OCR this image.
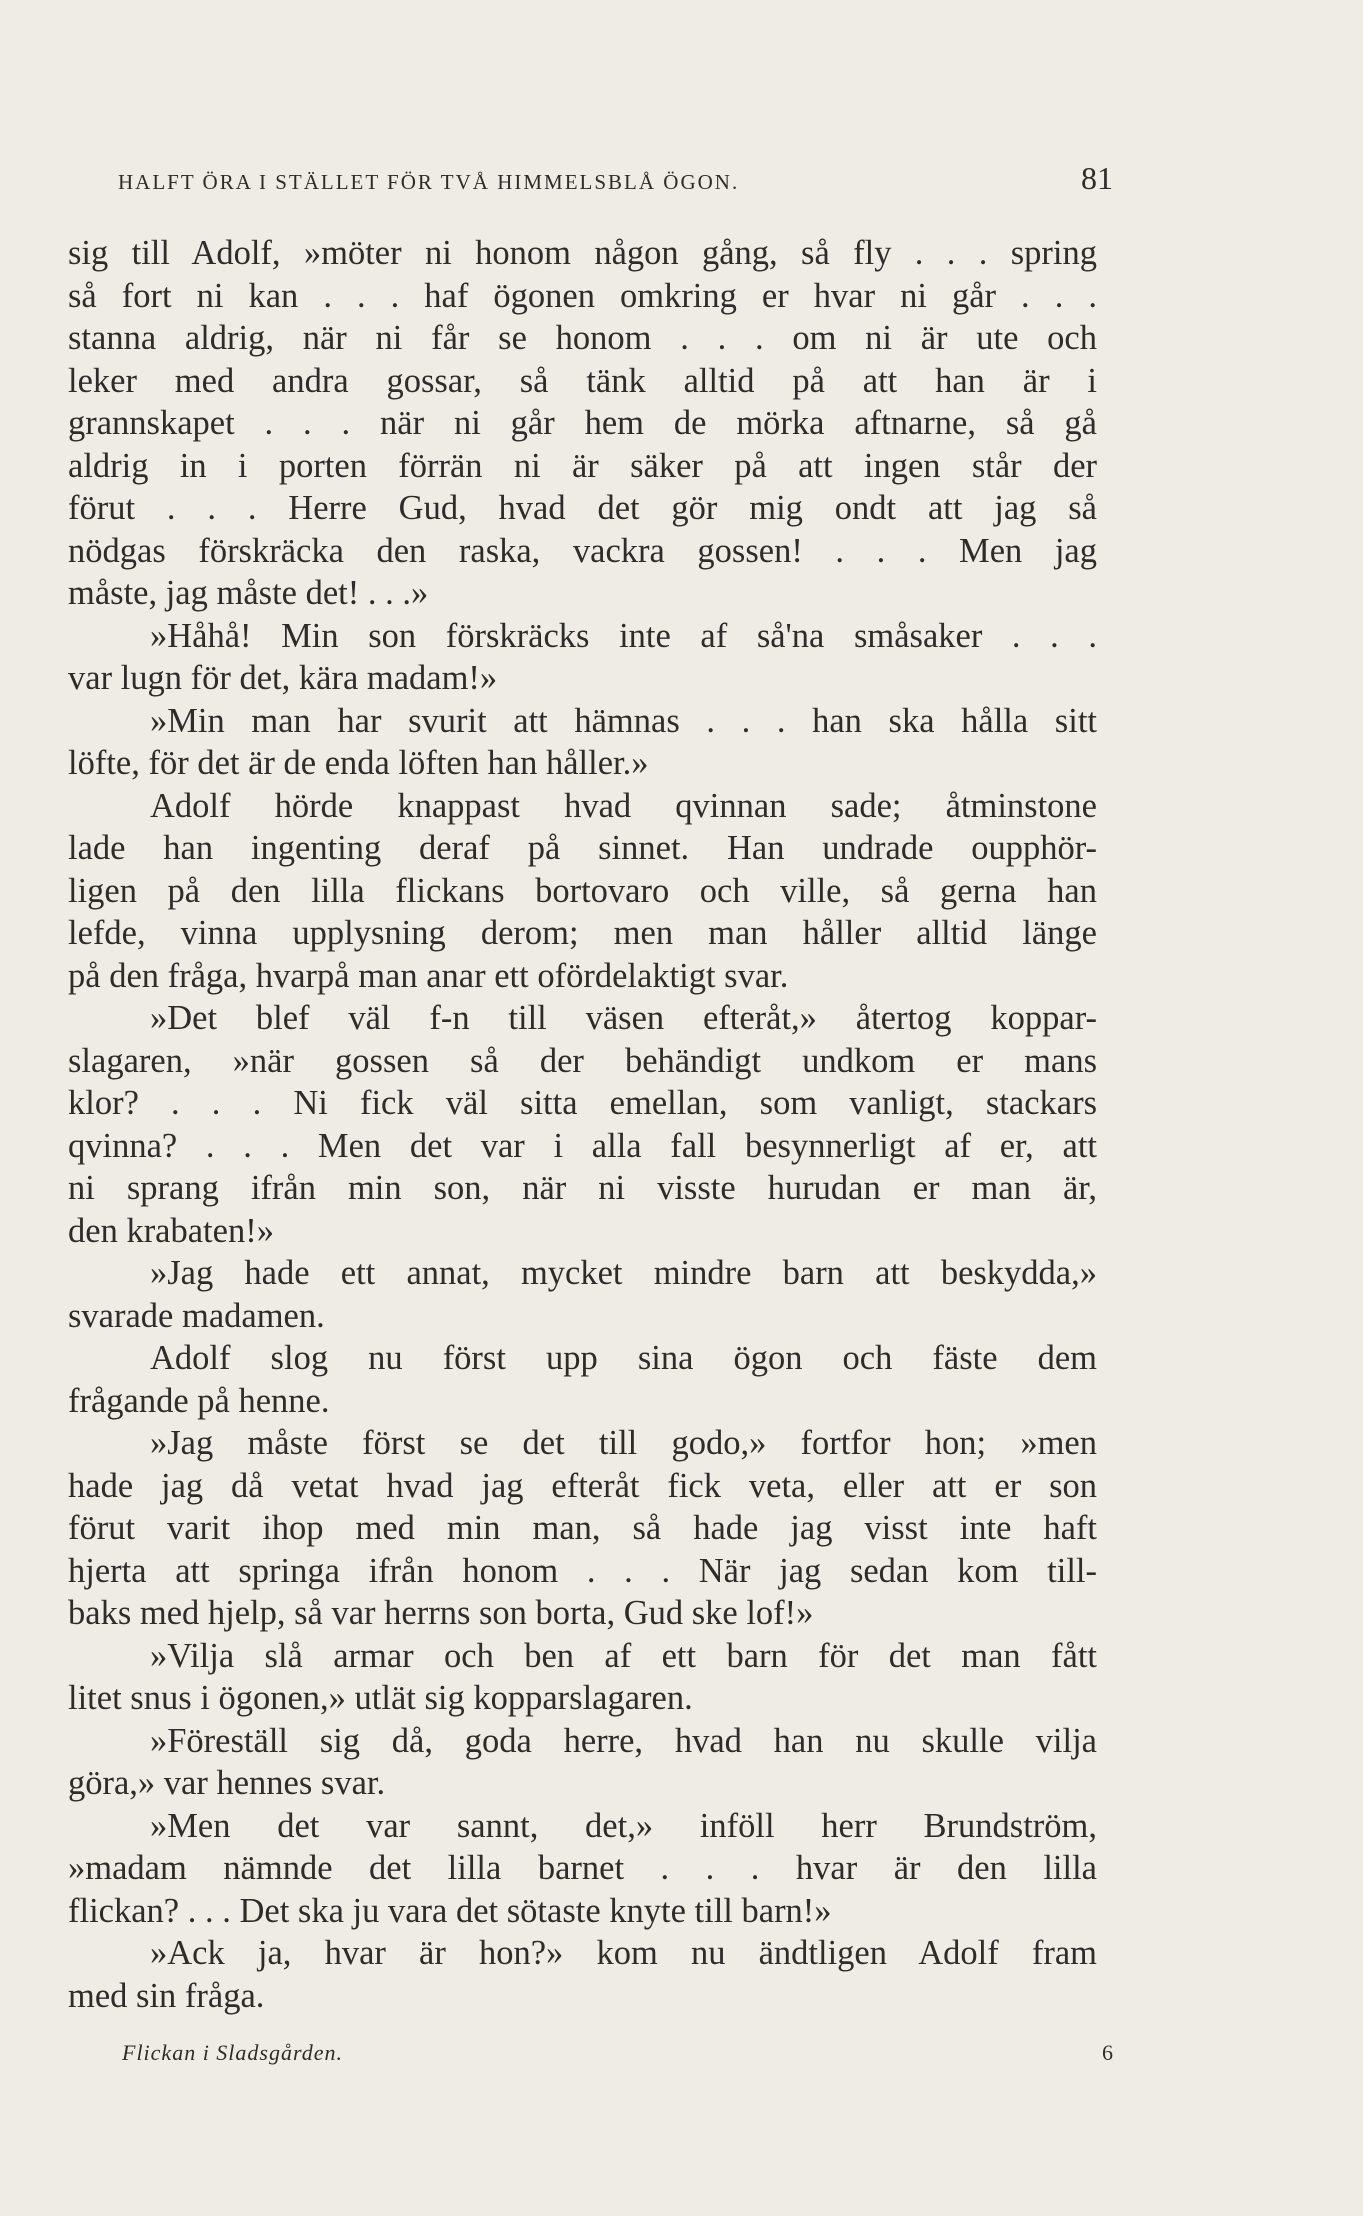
HALFT ÖRA I STÄLLET FÖR TVÅ HIMMELSBLÅ ÖGON.	81
sig till Adolf, »möter ni honom någon gång, så fly . . . spring
så fort ni kan . . . haf ögonen omkring er hvar ni går . . .
stanna aldrig, när ni får se honom . . . om ni är ute och
leker med andra gossar, så tänk alltid på att han är i
grannskapet . . . när ni går hem de mörka aftnarne, så gå
aldrig in i porten förrän ni är säker på att ingen står der
förut . . . Herre Gud, hvad det gör mig ondt att jag så
nödgas förskräcka den raska, vackra gossen! . . . Men jag
måste, jag måste det! . . .»
»Håhå! Min son förskräcks inte af så'na småsaker . . .
var lugn för det, kära madam!»
»Min man har svurit att hämnas . . . han ska hålla sitt
löfte, för det är de enda löften han håller.»
Adolf hörde knappast hvad qvinnan sade; åtminstone
lade han ingenting deraf på sinnet. Han undrade oupphör-
ligen på den lilla flickans bortovaro och ville, så gerna han
lefde, vinna upplysning derom; men man håller alltid länge
på den fråga, hvarpå man anar ett ofördelaktigt svar.
»Det blef väl f-n till väsen efteråt,» återtog koppar-
slagaren, »när gossen så der behändigt undkom er mans
klor? . . . Ni fick väl sitta emellan, som vanligt, stackars
qvinna? . . . Men det var i alla fall besynnerligt af er, att
ni sprang ifrån min son, när ni visste hurudan er man är,
den krabaten!»
»Jag hade ett annat, mycket mindre barn att beskydda,»
svarade madamen.
Adolf slog nu först upp sina ögon och fäste dem
frågande på henne.
»Jag måste först se det till godo,» fortfor hon; »men
hade jag då vetat hvad jag efteråt fick veta, eller att er son
förut varit ihop med min man, så hade jag visst inte haft
hjerta att springa ifrån honom . . . När jag sedan kom till-
baks med hjelp, så var herrns son borta, Gud ske lof!»
»Vilja slå armar och ben af ett barn för det man fått
litet snus i ögonen,» utlät sig kopparslagaren.
»Föreställ sig då, goda herre, hvad han nu skulle vilja
göra,» var hennes svar.
»Men det var sannt, det,» inföll herr Brundström,
»madam nämnde det lilla barnet . . . hvar är den lilla
flickan? . . . Det ska ju vara det sötaste knyte till barn!»
»Ack ja, hvar är hon?» kom nu ändtligen Adolf fram
med sin fråga.
Flickan i Sladsgården.	6
